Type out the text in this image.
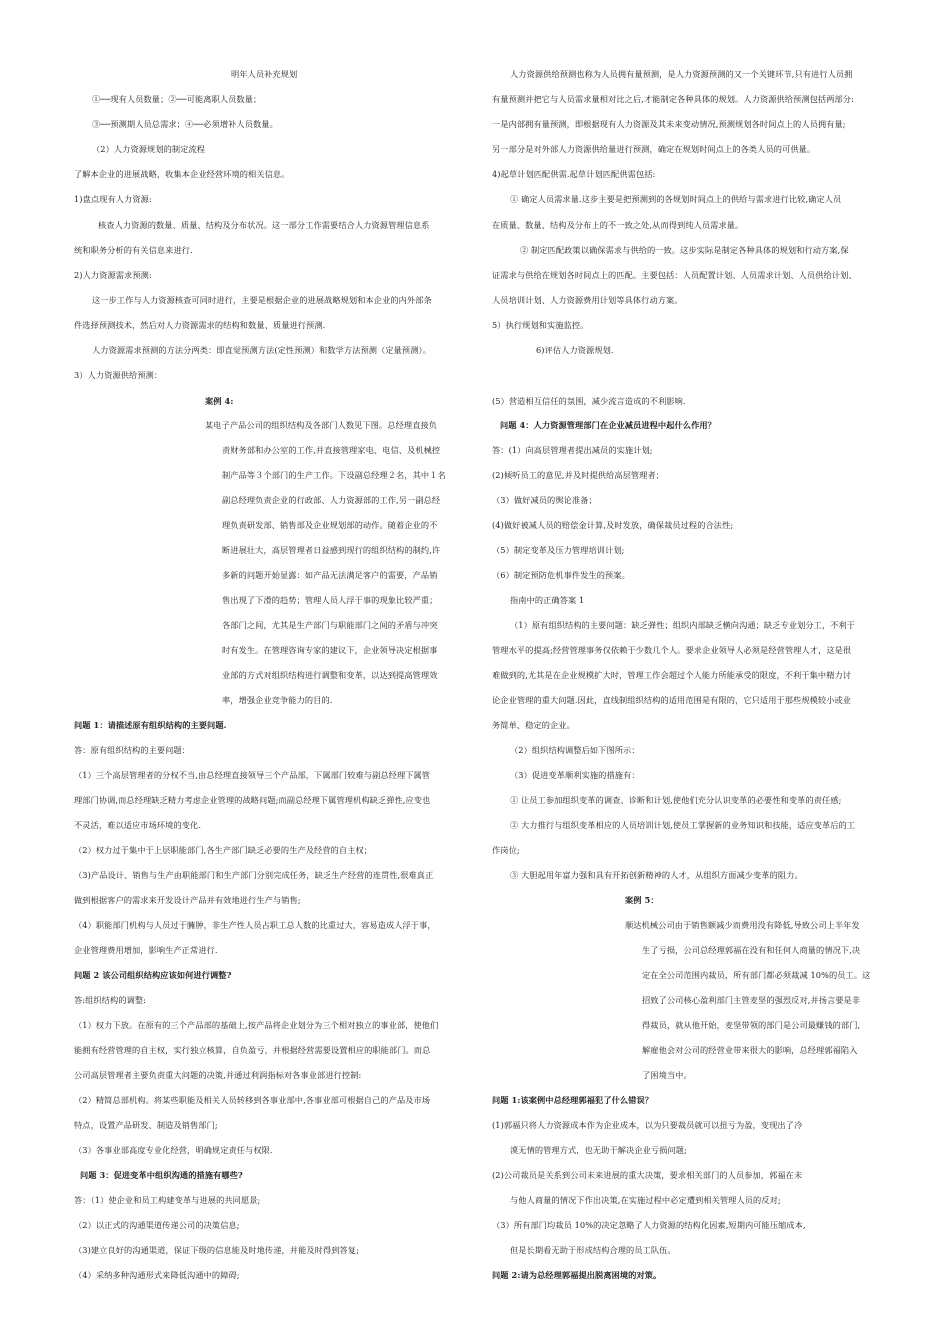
明年人员补充规划
①──现有人员数量；②──可能离职人员数量；
③──预测期人员总需求；④──必须增补人员数量。
（2）人力资源规划的制定流程
了解本企业的进展战略，收集本企业经营环境的相关信息。
1)盘点现有人力资源:
核查人力资源的数量、质量、结构及分布状况。这一部分工作需要结合人力资源管理信息系
统和职务分析的有关信息来进行.
2)人力资源需求预测:
这一步工作与人力资源核查可同时进行，主要是根据企业的进展战略规划和本企业的内外部条
件选择预测技术，然后对人力资源需求的结构和数量、质量进行预测.
人力资源需求预测的方法分两类：即直觉预测方法(定性预测）和数学方法预测（定量预测）。
3）人力资源供给预测：
人力资源供给预测也称为人员拥有量预测，是人力资源预测的又一个关键环节,只有进行人员拥
有量预测并把它与人员需求量相对比之后,才能制定各种具体的规划。人力资源供给预测包括两部分:
一是内部拥有量预测，即根据现有人力资源及其未来变动情况,预测规划各时间点上的人员拥有量;
另一部分是对外部人力资源供给量进行预测，确定在规划时间点上的各类人员的可供量。
4)起草计划匹配供需.起草计划匹配供需包括:
① 确定人员需求量.这步主要是把预测到的各规划时间点上的供给与需求进行比较,确定人员
在质量、数量、结构及分布上的不一致之处,从而得到纯人员需求量。
② 制定匹配政策以确保需求与供给的一致。这步实际是制定各种具体的规划和行动方案,保
证需求与供给在规划各时间点上的匹配。主要包括：人员配置计划、人员需求计划、人员供给计划、
人员培训计划、人力资源费用计划等具体行动方案。
5）执行规划和实施监控。
6)评估人力资源规划.
案例 4:
某电子产品公司的组织结构及各部门人数见下图。总经理直接负
责财务部和办公室的工作,并直接管理家电、电信、及机械控
制产品等３个部门的生产工作。下设副总经理２名，其中１名
副总经理负责企业的行政部、人力资源部的工作,另一副总经
理负责研发部、销售部及企业规划部的动作。随着企业的不
断进展壮大，高层管理者日益感到现行的组织结构的制约,许
多新的问题开始显露：如产品无法满足客户的需要，产品销
售出现了下滑的趋势；管理人员人浮于事的现象比较严重；
各部门之间，尤其是生产部门与职能部门之间的矛盾与冲突
时有发生。在管理咨询专家的建议下，企业领导决定根据事
业部的方式对组织结构进行调整和变革，以达到提高管理效
率，增强企业竞争能力的目的.
问题 1：请描述原有组织结构的主要问题.
答：原有组织结构的主要问题：
（1）三个高层管理者的分权不当,由总经理直接领导三个产品部，下属部门较难与副总经理下属管
理部门协调,而总经理缺乏精力考虑企业管理的战略问题;而副总经理下属管理机构缺乏弹性,应变也
不灵活，难以适应市场环境的变化.
（2）权力过于集中于上层职能部门,各生产部门缺乏必要的生产及经营的自主权；
（3)产品设计、销售与生产由职能部门和生产部门分别完成任务，缺乏生产经营的连贯性,很难真正
做到根据客户的需求来开发设计产品并有效地进行生产与销售;
（4）职能部门机构与人员过于臃肿，非生产性人员占职工总人数的比重过大，容易造成人浮于事，
企业管理费用增加，影响生产正常进行.
问题 2 该公司组织结构应该如何进行调整?
答:组织结构的调整:
（1）权力下放。在原有的三个产品部的基础上,按产品将企业划分为三个相对独立的事业部，使他们
能拥有经营管理的自主权，实行独立核算，自负盈亏，并根据经营需要设置相应的职能部门。而总
公司高层管理者主要负责重大问题的决策,并通过利润指标对各事业部进行控制:
（2）精简总部机构。将某些职能及相关人员转移到各事业部中,各事业部可根据自己的产品及市场
特点，设置产品研发、制造及销售部门;
（3）各事业部高度专业化经营，明确规定责任与权限.
问题 3：促进变革中组织沟通的措施有哪些?
答：（1）使企业和员工构建变革与进展的共同愿景;
（2）以正式的沟通渠道传递公司的决策信息;
（3)建立良好的沟通渠道，保证下级的信息能及时地传递，并能及时得到答复;
（4）采纳多种沟通形式来降低沟通中的障碍;
(5）营造相互信任的氛围，减少流言造成的不利影响.
问题 4：人力资源管理部门在企业减员进程中起什么作用？
答：(1）向高层管理者提出减员的实施计划;
(2)倾听员工的意见,并及时提供给高层管理者；
（3）做好减员的舆论准备；
(4)做好被减人员的赔偿金计算,及时发放，确保裁员过程的合法性;
（5）制定变革及压力管理培训计划;
（6）制定预防危机事件发生的预案。
指南中的正确答案 1
（1）原有组织结构的主要问题：缺乏弹性；组织内部缺乏横向沟通；缺乏专业划分工，不利于
管理水平的提高;经营管理事务仅依赖于少数几个人。要求企业领导人必须是经营管理人才，这是很
难做到的,尤其是在企业规模扩大时，管理工作会超过个人能力所能承受的限度，不利于集中精力讨
论企业管理的重大问题.因此，直线制组织结构的适用范围是有限的，它只适用于那些规模较小或业
务简单、稳定的企业。
（2）组织结构调整后如下图所示：
（3）促进变革顺利实施的措施有：
① 让员工参加组织变革的调查、诊断和计划,使他们充分认识变革的必要性和变革的责任感;
② 大力推行与组织变革相应的人员培训计划,使员工掌握新的业务知识和技能，适应变革后的工
作岗位;
③ 大胆起用年富力强和具有开拓创新精神的人才，从组织方面减少变革的阻力。
案例 5：
顺达机械公司由于销售额减少而费用没有降低,导致公司上半年发
生了亏损，公司总经理郭福在没有和任何人商量的情况下,决
定在全公司范围内裁员，所有部门都必须裁减 10%的员工。这
招致了公司核心盈利部门主管麦坚的强烈反对,并扬言要是非
得裁员，就从他开始，麦坚带领的部门是公司最赚钱的部门,
解雇他会对公司的经营业带来很大的影响，总经理郭福陷入
了困境当中。
问题 1:该案例中总经理郭福犯了什么错误？
(1)郭福只将人力资源成本作为企业成本，以为只要裁员就可以扭亏为盈，变现出了冷
漠无情的管理方式，也无助于解决企业亏损问题;
(2)公司裁员是关系到公司未来进展的重大决策，要求相关部门的人员参加，郭福在未
与他人商量的情况下作出决策,在实施过程中必定遭到相关管理人员的反对;
（3）所有部门均裁员 10%的决定忽略了人力资源的结构化因素,短期内可能压缩成本,
但是长期看无助于形成结构合理的员工队伍。
问题 2:请为总经理郭福提出脱离困境的对策。
